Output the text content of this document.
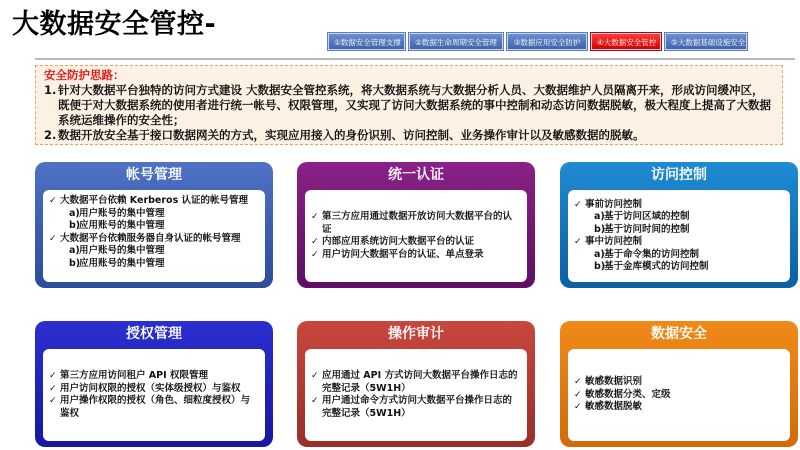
大数据安全管控-
①数据安全管理支撑	②数据生命周期安全管理	③数据应用安全防护	④大数据安全管控	⑤大数据基础设施安全
安全防护思路：
1. 针对大数据平台独特的访问方式建设 大数据安全管控系统，将大数据系统与大数据分析人员、大数据维护人员隔离开来，形成访问缓冲区，既便于对大数据系统的使用者进行统一帐号、权限管理，又实现了访问大数据系统的事中控制和动态访问数据脱敏，极大程度上提高了大数据系统运维操作的安全性；
2. 数据开放安全基于接口数据网关的方式，实现应用接入的身份识别、访问控制、业务操作审计以及敏感数据的脱敏。
帐号管理
✓ 大数据平台依赖 Kerberos 认证的帐号管理
a) 用户账号的集中管理
b)
应用账号的集中管理
✓ 大数据平台依赖服务器自身认证的帐号管理
a) 用户账号的集中管理
b)
应用账号的集中管理
统一认证
✓ 第三方应用通过数据开放访问大数据平台的认证
✓ 内部应用系统访问大数据平台的认证
✓ 用户访问大数据平台的认证、单点登录
访问控制
✓ 事前访问控制
a) 基于访问区域的控制
b)
基于访问时间的控制
✓ 事中访问控制
a) 基于命令集的访问控制
b)
基于金库模式的访问控制
授权管理
✓ 第三方应用访问租户 API 权限管理
✓ 用户访问权限的授权（实体级授权）与鉴权
✓ 用户操作权限的授权（角色、细粒度授权）与鉴权
操作审计
✓ 应用通过 API 方式访问大数据平台操作日志的完整记录（5W1H）
✓ 用户通过命令方式访问大数据平台操作日志的完整记录（5W1H）
数据安全
✓ 敏感数据识别
✓ 敏感数据分类、定级
✓ 敏感数据脱敏
